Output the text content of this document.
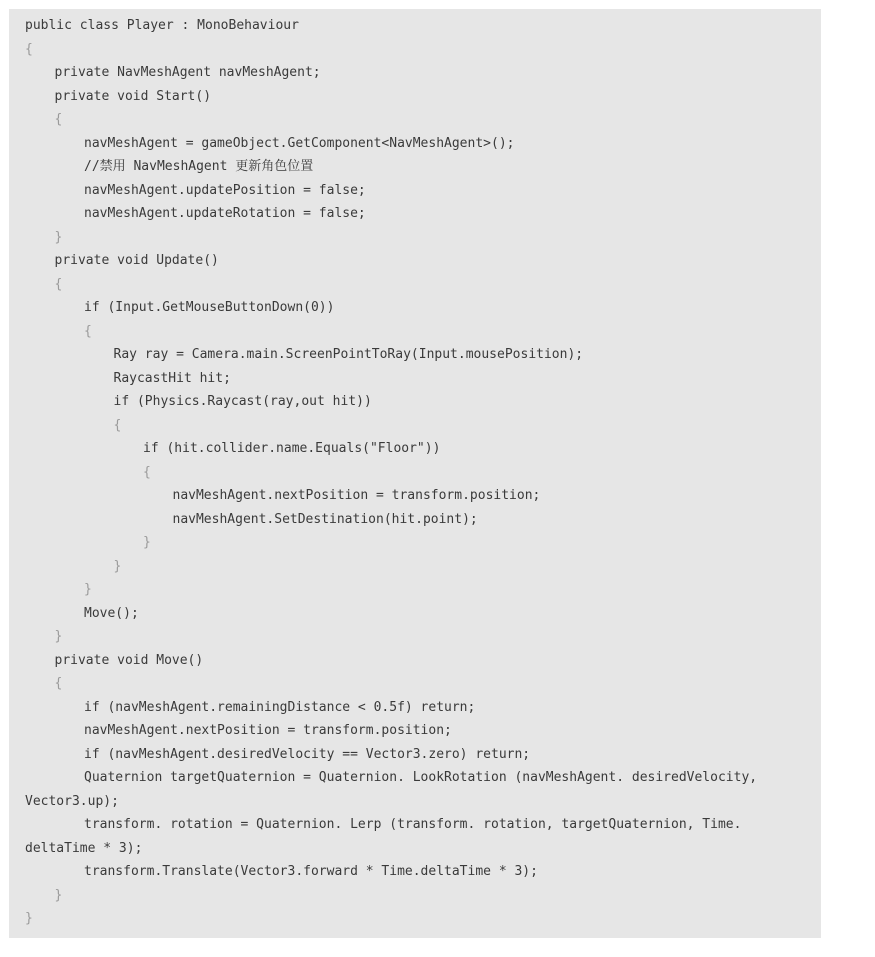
public class Player : MonoBehaviour
{
private NavMeshAgent navMeshAgent;
private void Start()
{
navMeshAgent = gameObject.GetComponent<NavMeshAgent>();
//禁用 NavMeshAgent 更新角色位置
navMeshAgent.updatePosition = false;
navMeshAgent.updateRotation = false;
}
private void Update()
{
if (Input.GetMouseButtonDown(0))
{
Ray ray = Camera.main.ScreenPointToRay(Input.mousePosition);
RaycastHit hit;
if (Physics.Raycast(ray,out hit))
{
if (hit.collider.name.Equals("Floor"))
{
navMeshAgent.nextPosition = transform.position;
navMeshAgent.SetDestination(hit.point);
}
}
}
Move();
}
private void Move()
{
if (navMeshAgent.remainingDistance < 0.5f) return;
navMeshAgent.nextPosition = transform.position;
if (navMeshAgent.desiredVelocity == Vector3.zero) return;
Quaternion targetQuaternion = Quaternion. LookRotation (navMeshAgent. desiredVelocity,
Vector3.up);
transform. rotation = Quaternion. Lerp (transform. rotation, targetQuaternion, Time.
deltaTime * 3);
transform.Translate(Vector3.forward * Time.deltaTime * 3);
}
}
